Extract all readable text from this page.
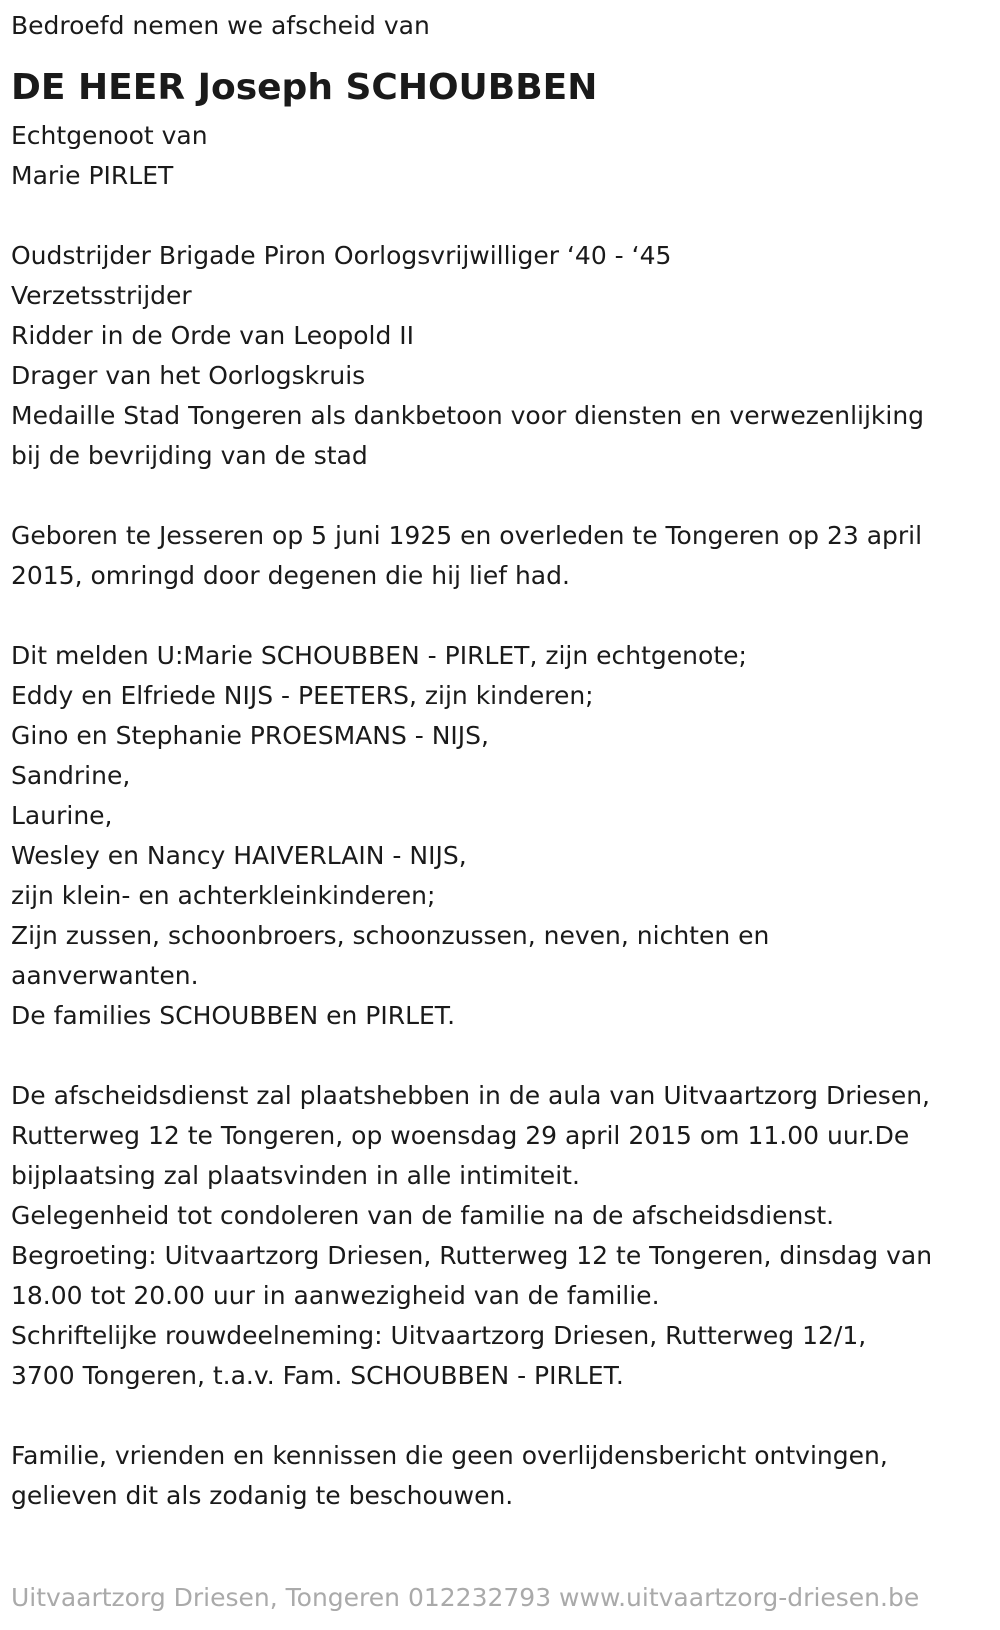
Bedroefd nemen we afscheid van
DE HEER Joseph SCHOUBBEN
Echtgenoot van
Marie PIRLET
Oudstrijder Brigade Piron Oorlogsvrijwilliger ‘40 - ‘45
Verzetsstrijder
Ridder in de Orde van Leopold II
Drager van het Oorlogskruis
Medaille Stad Tongeren als dankbetoon voor diensten en verwezenlijking
bij de bevrijding van de stad
Geboren te Jesseren op 5 juni 1925 en overleden te Tongeren op 23 april
2015, omringd door degenen die hij lief had.
Dit melden U:Marie SCHOUBBEN - PIRLET, zijn echtgenote;
Eddy en Elfriede NIJS - PEETERS, zijn kinderen;
Gino en Stephanie PROESMANS - NIJS,
Sandrine,
Laurine,
Wesley en Nancy HAIVERLAIN - NIJS,
zijn klein- en achterkleinkinderen;
Zijn zussen, schoonbroers, schoonzussen, neven, nichten en
aanverwanten.
De families SCHOUBBEN en PIRLET.
De afscheidsdienst zal plaatshebben in de aula van Uitvaartzorg Driesen,
Rutterweg 12 te Tongeren, op woensdag 29 april 2015 om 11.00 uur.De
bijplaatsing zal plaatsvinden in alle intimiteit.
Gelegenheid tot condoleren van de familie na de afscheidsdienst.
Begroeting: Uitvaartzorg Driesen, Rutterweg 12 te Tongeren, dinsdag van
18.00 tot 20.00 uur in aanwezigheid van de familie.
Schriftelijke rouwdeelneming: Uitvaartzorg Driesen, Rutterweg 12/1,
3700 Tongeren, t.a.v. Fam. SCHOUBBEN - PIRLET.
Familie, vrienden en kennissen die geen overlijdensbericht ontvingen,
gelieven dit als zodanig te beschouwen.
Uitvaartzorg Driesen, Tongeren 012232793 www.uitvaartzorg-driesen.be
